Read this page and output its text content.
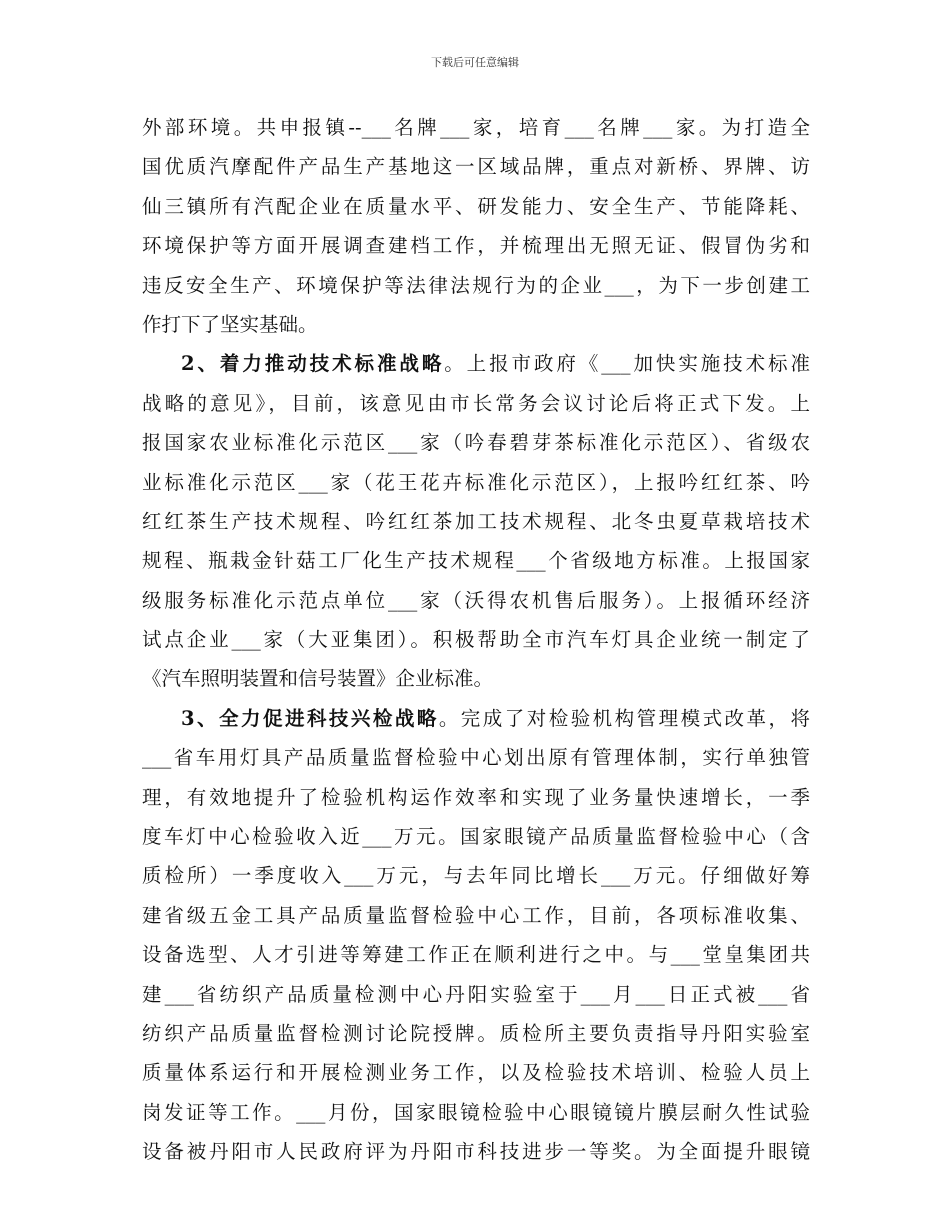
下载后可任意编辑
外部环境。共申报镇--___名牌___家，培育___名牌___家。为打造全
国优质汽摩配件产品生产基地这一区域品牌，重点对新桥、界牌、访
仙三镇所有汽配企业在质量水平、研发能力、安全生产、节能降耗、
环境保护等方面开展调查建档工作，并梳理出无照无证、假冒伪劣和
违反安全生产、环境保护等法律法规行为的企业___，为下一步创建工
作打下了坚实基础。
2、着力推动技术标准战略。上报市政府《___加快实施技术标准
战略的意见》，目前，该意见由市长常务会议讨论后将正式下发。上
报国家农业标准化示范区___家（吟春碧芽茶标准化示范区）、省级农
业标准化示范区___家（花王花卉标准化示范区），上报吟红红茶、吟
红红茶生产技术规程、吟红红茶加工技术规程、北冬虫夏草栽培技术
规程、瓶栽金针菇工厂化生产技术规程___个省级地方标准。上报国家
级服务标准化示范点单位___家（沃得农机售后服务）。上报循环经济
试点企业___家（大亚集团）。积极帮助全市汽车灯具企业统一制定了
《汽车照明装置和信号装置》企业标准。
3、全力促进科技兴检战略。完成了对检验机构管理模式改革，将
___省车用灯具产品质量监督检验中心划出原有管理体制，实行单独管
理，有效地提升了检验机构运作效率和实现了业务量快速增长，一季
度车灯中心检验收入近___万元。国家眼镜产品质量监督检验中心（含
质检所）一季度收入___万元，与去年同比增长___万元。仔细做好筹
建省级五金工具产品质量监督检验中心工作，目前，各项标准收集、
设备选型、人才引进等筹建工作正在顺利进行之中。与___堂皇集团共
建___省纺织产品质量检测中心丹阳实验室于___月___日正式被___省
纺织产品质量监督检测讨论院授牌。质检所主要负责指导丹阳实验室
质量体系运行和开展检测业务工作，以及检验技术培训、检验人员上
岗发证等工作。___月份，国家眼镜检验中心眼镜镜片膜层耐久性试验
设备被丹阳市人民政府评为丹阳市科技进步一等奖。为全面提升眼镜
